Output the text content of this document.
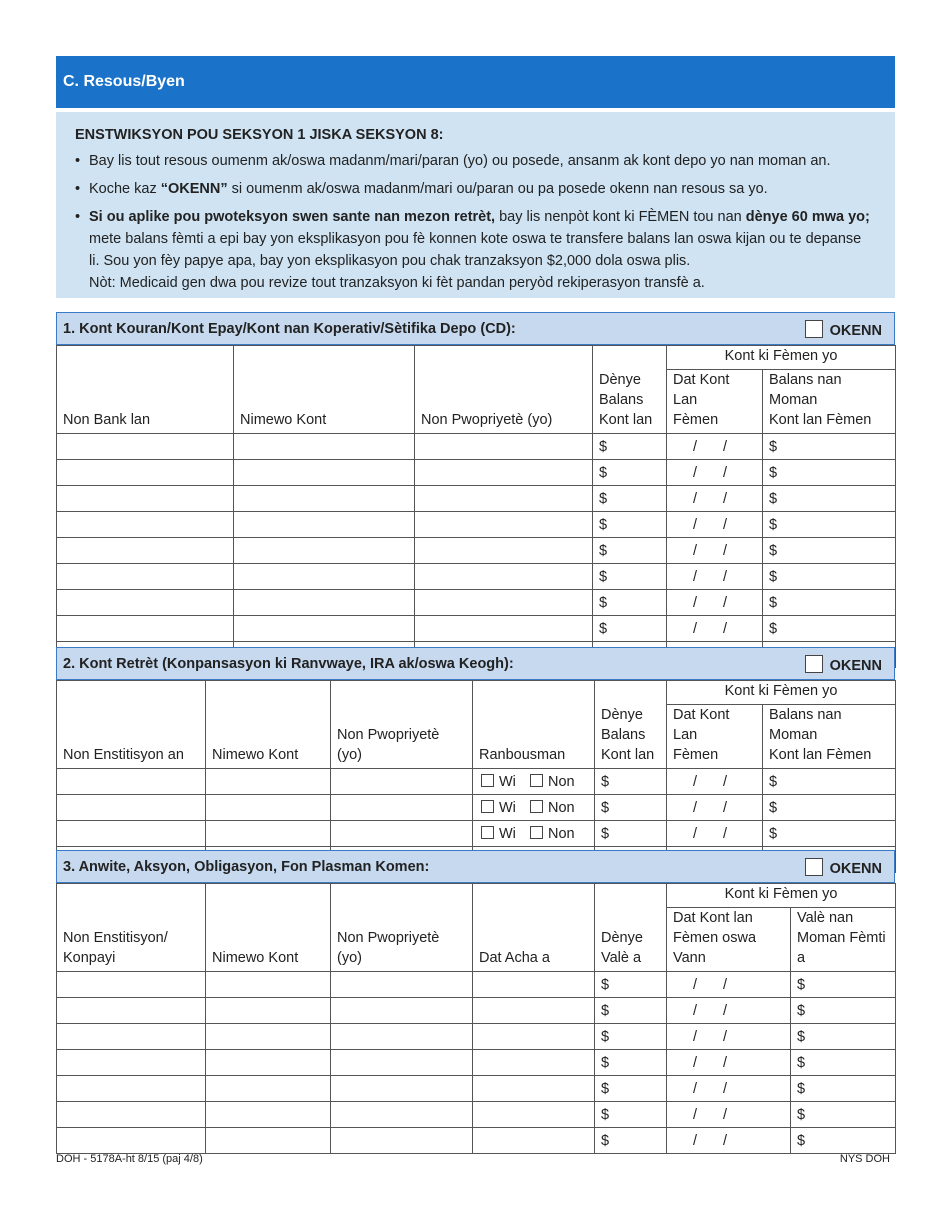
C. Resous/Byen
ENSTWIKSYON POU SEKSYON 1 JISKA SEKSYON 8:
• Bay lis tout resous oumenm ak/oswa madanm/mari/paran (yo) ou posede, ansanm ak kont depo yo nan moman an.
• Koche kaz “OKENN” si oumenm ak/oswa madanm/mari ou/paran ou pa posede okenn nan resous sa yo.
• Si ou aplike pou pwoteksyon swen sante nan mezon retrèt, bay lis nenpòt kont ki FÈMEN tou nan dènye 60 mwa yo; mete balans fèmti a epi bay yon eksplikasyon pou fè konnen kote oswa te transfere balans lan oswa kijan ou te depanse li. Sou yon fèy papye apa, bay yon eksplikasyon pou chak tranzaksyon $2,000 dola oswa plis.
Nòt: Medicaid gen dwa pou revize tout tranzaksyon ki fèt pandan peryòd rekiperasyon transfè a.
1. Kont Kouran/Kont Epay/Kont nan Koperativ/Sètifika Depo (CD):	OKENN
Non Bank lan	Nimewo Kont	Non Pwopriyetè (yo)	Dènye
Balans
Kont lan	Kont ki Fèmen yo	
				Dat Kont Lan
Fèmen	Balans nan Moman
Kont lan Fèmen
			$	/ /	$
			$	/ /	$
			$	/ /	$
			$	/ /	$
			$	/ /	$
			$	/ /	$
			$	/ /	$
			$	/ /	$

2. Kont Retrèt (Konpansasyon ki Ranvwaye, IRA ak/oswa Keogh):	OKENN
Non Enstitisyon an	Nimewo Kont	Non Pwopriyetè (yo)	Ranbousman	Dènye
Balans
Kont lan	Kont ki Fèmen yo	
					Dat Kont Lan
Fèmen	Balans nan Moman
Kont lan Fèmen
			Wi Non	$	/ /	$
			Wi Non	$	/ /	$
			Wi Non	$	/ /	$

3. Anwite, Aksyon, Obligasyon, Fon Plasman Komen:	OKENN
Non Enstitisyon/
Konpayi	Nimewo Kont	Non Pwopriyetè (yo)	Dat Acha a	Dènye
Valè a	Kont ki Fèmen yo	
					Dat Kont lan
Fèmen oswa Vann	Valè nan
Moman Fèmti a
				$	/ /	$
				$	/ /	$
				$	/ /	$
				$	/ /	$
				$	/ /	$
				$	/ /	$
				$	/ /	$
DOH - 5178A-ht 8/15 (paj 4/8)	NYS DOH
